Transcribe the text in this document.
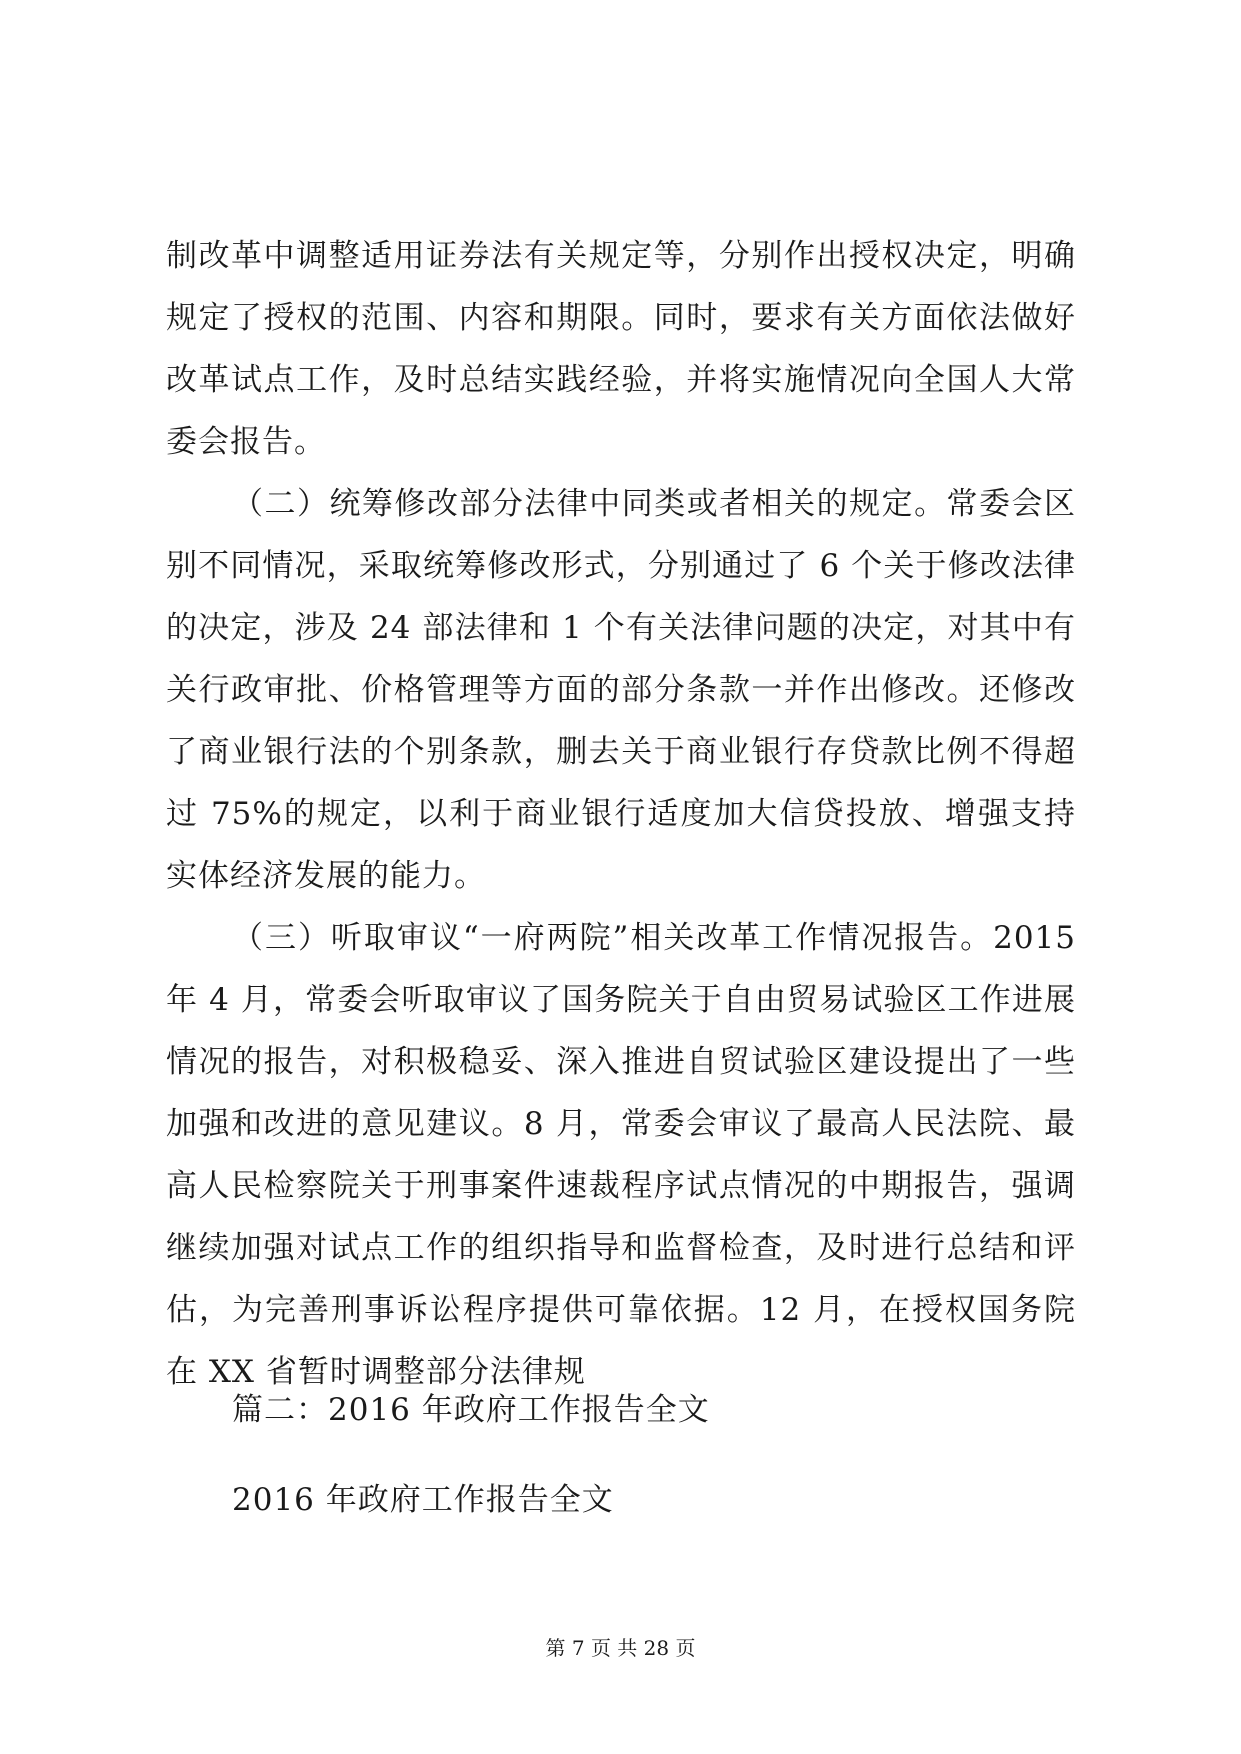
制改革中调整适用证券法有关规定等，分别作出授权决定，明确规定了授权的范围、内容和期限。同时，要求有关方面依法做好改革试点工作，及时总结实践经验，并将实施情况向全国人大常委会报告。

（二）统筹修改部分法律中同类或者相关的规定。常委会区别不同情况，采取统筹修改形式，分别通过了 6 个关于修改法律的决定，涉及 24 部法律和 1 个有关法律问题的决定，对其中有关行政审批、价格管理等方面的部分条款一并作出修改。还修改了商业银行法的个别条款，删去关于商业银行存贷款比例不得超过 75%的规定，以利于商业银行适度加大信贷投放、增强支持实体经济发展的能力。

（三）听取审议“一府两院”相关改革工作情况报告。2015 年 4 月，常委会听取审议了国务院关于自由贸易试验区工作进展情况的报告，对积极稳妥、深入推进自贸试验区建设提出了一些加强和改进的意见建议。8 月，常委会审议了最高人民法院、最高人民检察院关于刑事案件速裁程序试点情况的中期报告，强调继续加强对试点工作的组织指导和监督检查，及时进行总结和评估，为完善刑事诉讼程序提供可靠依据。12 月，在授权国务院在 XX 省暂时调整部分法律规

篇二：2016 年政府工作报告全文

2016 年政府工作报告全文

第 7 页 共 28 页
